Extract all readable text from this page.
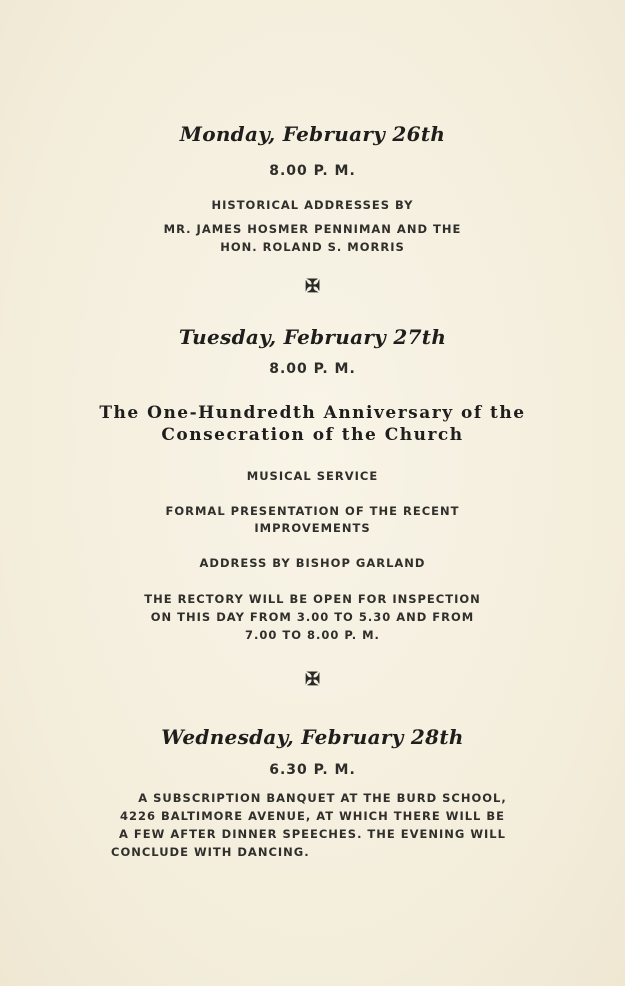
Monday, February 26th
8.00 P. M.
HISTORICAL ADDRESSES BY
MR. JAMES HOSMER PENNIMAN AND THE
HON. ROLAND S. MORRIS
✠
Tuesday, February 27th
8.00 P. M.
The One-Hundredth Anniversary of the
Consecration of the Church
MUSICAL SERVICE
FORMAL PRESENTATION OF THE RECENT
IMPROVEMENTS
ADDRESS BY BISHOP GARLAND
THE RECTORY WILL BE OPEN FOR INSPECTION
ON THIS DAY FROM 3.00 TO 5.30 AND FROM
7.00 TO 8.00 P. M.
✠
Wednesday, February 28th
6.30 P. M.
A SUBSCRIPTION BANQUET AT THE BURD SCHOOL,
4226 BALTIMORE AVENUE, AT WHICH THERE WILL BE
A FEW AFTER DINNER SPEECHES. THE EVENING WILL
CONCLUDE WITH DANCING.
